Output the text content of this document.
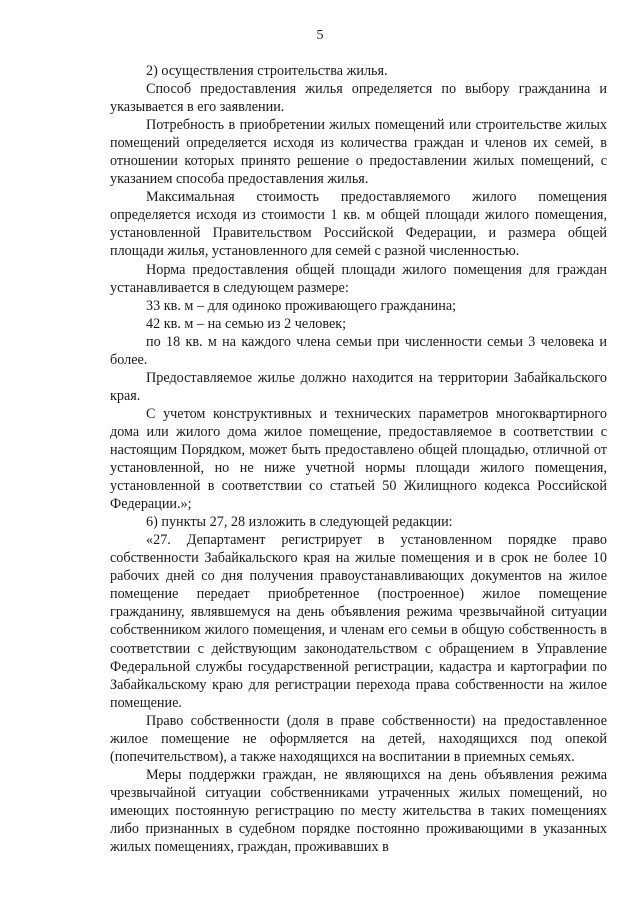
5

2) осуществления строительства жилья.

Способ предоставления жилья определяется по выбору гражданина и указывается в его заявлении.

Потребность в приобретении жилых помещений или строительстве жилых помещений определяется исходя из количества граждан и членов их семей, в отношении которых принято решение о предоставлении жилых помещений, с указанием способа предоставления жилья.

Максимальная стоимость предоставляемого жилого помещения определяется исходя из стоимости 1 кв. м общей площади жилого помещения, установленной Правительством Российской Федерации, и размера общей площади жилья, установленного для семей с разной численностью.

Норма предоставления общей площади жилого помещения для граждан устанавливается в следующем размере:

33 кв. м – для одиноко проживающего гражданина;

42 кв. м – на семью из 2 человек;

по 18 кв. м на каждого члена семьи при численности семьи 3 человека и более.

Предоставляемое жилье должно находится на территории Забайкальского края.

С учетом конструктивных и технических параметров многоквартирного дома или жилого дома жилое помещение, предоставляемое в соответствии с настоящим Порядком, может быть предоставлено общей площадью, отличной от установленной, но не ниже учетной нормы площади жилого помещения, установленной в соответствии со статьей 50 Жилищного кодекса Российской Федерации.»;

6) пункты 27, 28 изложить в следующей редакции:

«27. Департамент регистрирует в установленном порядке право собственности Забайкальского края на жилые помещения и в срок не более 10 рабочих дней со дня получения правоустанавливающих документов на жилое помещение передает приобретенное (построенное) жилое помещение гражданину, являвшемуся на день объявления режима чрезвычайной ситуации собственником жилого помещения, и членам его семьи в общую собственность в соответствии с действующим законодательством с обращением в Управление Федеральной службы государственной регистрации, кадастра и картографии по Забайкальскому краю для регистрации перехода права собственности на жилое помещение.

Право собственности (доля в праве собственности) на предоставленное жилое помещение не оформляется на детей, находящихся под опекой (попечительством), а также находящихся на воспитании в приемных семьях.

Меры поддержки граждан, не являющихся на день объявления режима чрезвычайной ситуации собственниками утраченных жилых помещений, но имеющих постоянную регистрацию по месту жительства в таких помещениях либо признанных в судебном порядке постоянно проживающими в указанных жилых помещениях, граждан, проживавших в
